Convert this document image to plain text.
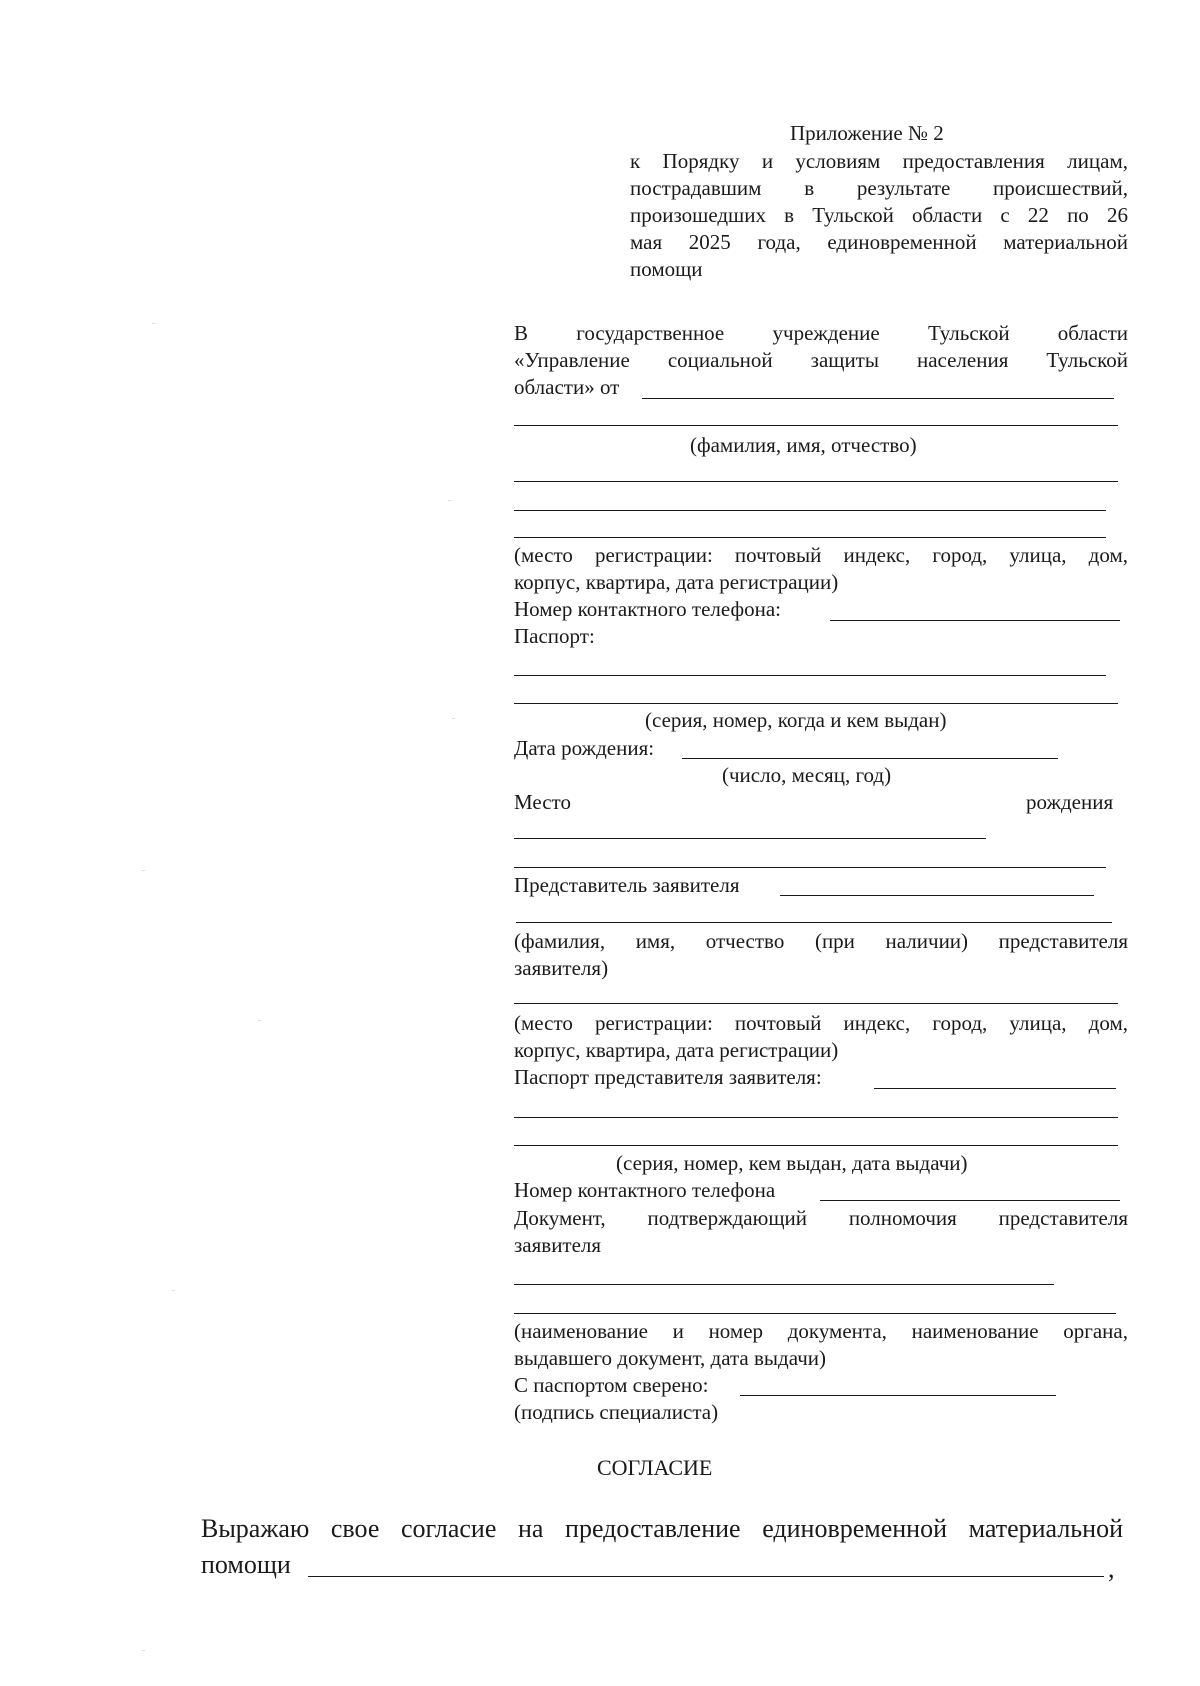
Приложение № 2
к Порядку и условиям предоставления лицам,
пострадавшим в результате происшествий,
произошедших в Тульской области с 22 по 26
мая 2025 года, единовременной материальной
помощи
В государственное учреждение Тульской области
«Управление социальной защиты населения Тульской
области» от
(фамилия, имя, отчество)
(место регистрации: почтовый индекс, город, улица, дом,
корпус, квартира, дата регистрации)
Номер контактного телефона:
Паспорт:
(серия, номер, когда и кем выдан)
Дата рождения:
(число, месяц, год)
Место	рождения
Представитель заявителя
(фамилия, имя, отчество (при наличии) представителя
заявителя)
(место регистрации: почтовый индекс, город, улица, дом,
корпус, квартира, дата регистрации)
Паспорт представителя заявителя:
(серия, номер, кем выдан, дата выдачи)
Номер контактного телефона
Документ, подтверждающий полномочия представителя
заявителя
(наименование и номер документа, наименование органа,
выдавшего документ, дата выдачи)
С паспортом сверено:
(подпись специалиста)
СОГЛАСИЕ
Выражаю свое согласие на предоставление единовременной материальной
помощи	,
